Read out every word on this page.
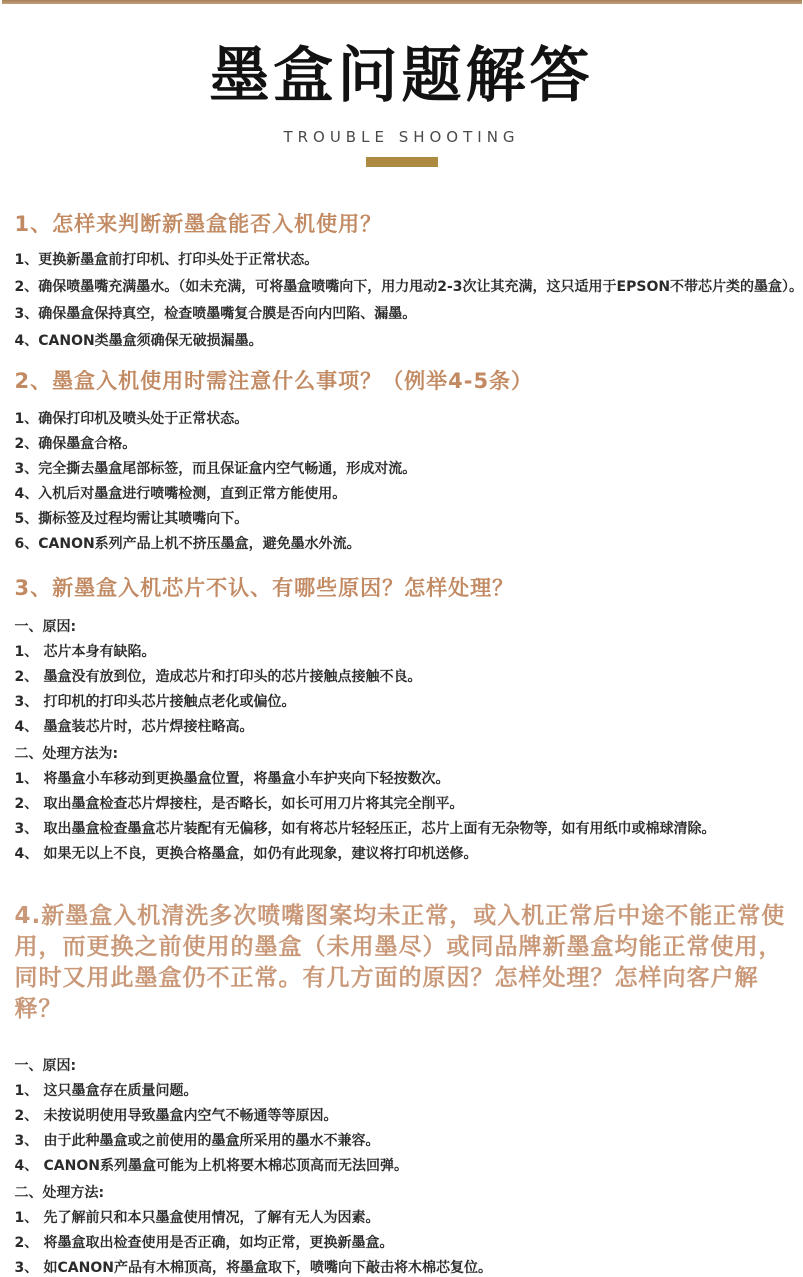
墨盒问题解答
TROUBLE SHOOTING
1、怎样来判断新墨盒能否入机使用？
1、更换新墨盒前打印机、打印头处于正常状态。
2、确保喷墨嘴充满墨水。（如未充满，可将墨盒喷嘴向下，用力甩动2-3次让其充满，这只适用于EPSON不带芯片类的墨盒）。
3、确保墨盒保持真空，检查喷墨嘴复合膜是否向内凹陷、漏墨。
4、CANON类墨盒须确保无破损漏墨。
2、墨盒入机使用时需注意什么事项？（例举4-5条）
1、确保打印机及喷头处于正常状态。
2、确保墨盒合格。
3、完全撕去墨盒尾部标签，而且保证盒内空气畅通，形成对流。
4、入机后对墨盒进行喷嘴检测，直到正常方能使用。
5、撕标签及过程均需让其喷嘴向下。
6、CANON系列产品上机不挤压墨盒，避免墨水外流。
3、新墨盒入机芯片不认、有哪些原因？怎样处理？
一、 原因:
1、 芯片本身有缺陷。
2、 墨盒没有放到位，造成芯片和打印头的芯片接触点接触不良。
3、 打印机的打印头芯片接触点老化或偏位。
4、 墨盒装芯片时，芯片焊接柱略高。
二、 处理方法为:
1、 将墨盒小车移动到更换墨盒位置，将墨盒小车护夹向下轻按数次。
2、 取出墨盒检查芯片焊接柱，是否略长，如长可用刀片将其完全削平。
3、 取出墨盒检查墨盒芯片装配有无偏移，如有将芯片轻轻压正，芯片上面有无杂物等，如有用纸巾或棉球清除。
4、 如果无以上不良，更换合格墨盒，如仍有此现象，建议将打印机送修。
4.新墨盒入机清洗多次喷嘴图案均未正常，或入机正常后中途不能正常使用，而更换之前使用的墨盒（未用墨尽）或同品牌新墨盒均能正常使用，同时又用此墨盒仍不正常。有几方面的原因？怎样处理？怎样向客户解释？
一、 原因:
1、 这只墨盒存在质量问题。
2、 未按说明使用导致墨盒内空气不畅通等等原因。
3、 由于此种墨盒或之前使用的墨盒所采用的墨水不兼容。
4、 CANON系列墨盒可能为上机将要木棉芯顶高而无法回弹。
二、 处理方法:
1、 先了解前只和本只墨盒使用情况，了解有无人为因素。
2、 将墨盒取出检查使用是否正确，如均正常，更换新墨盒。
3、 如CANON产品有木棉顶高，将墨盒取下，喷嘴向下敲击将木棉芯复位。
